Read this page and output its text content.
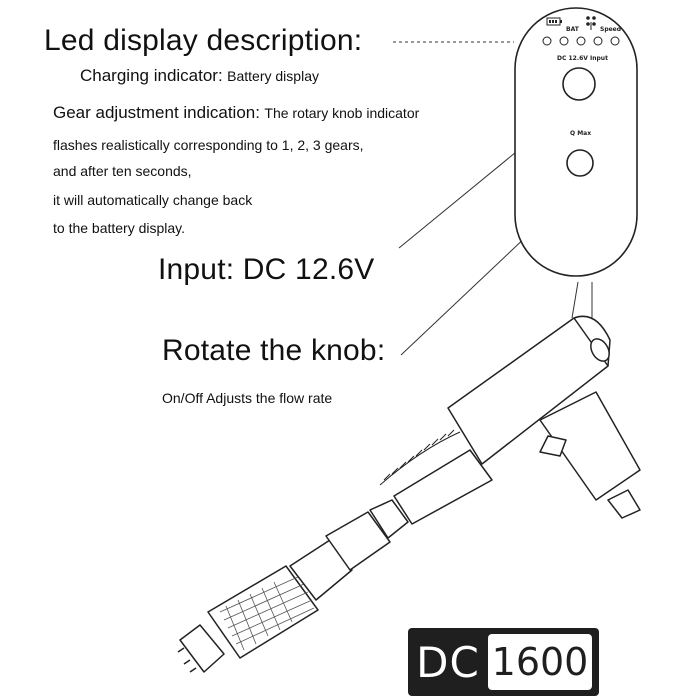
Led display description:
Charging indicator: Battery display
Gear adjustment indication: The rotary knob indicator
flashes realistically corresponding to 1, 2, 3 gears,
and after ten seconds,
it will automatically change back
to the battery display.
Input: DC 12.6V
Rotate the knob:
On/Off Adjusts the flow rate
BAT	Speed
DC 12.6V Input
Q Max
DC 1600
